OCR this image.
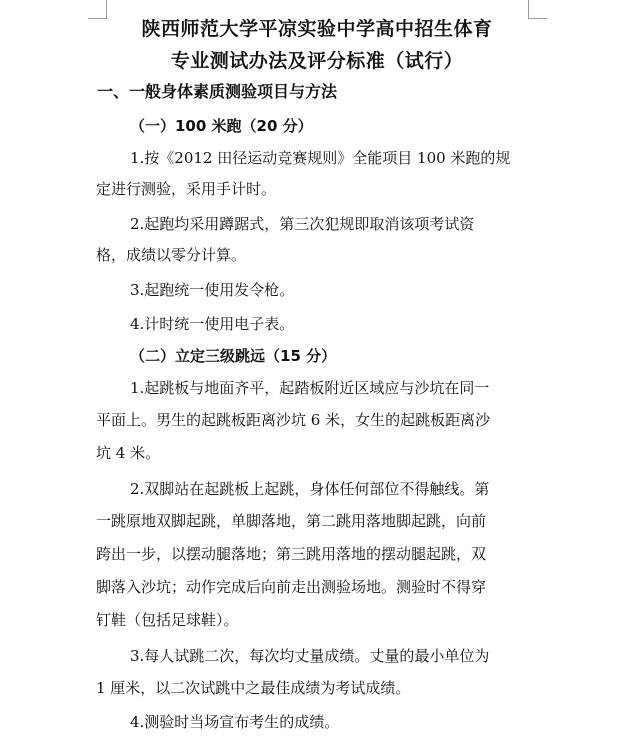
陕西师范大学平凉实验中学高中招生体育
专业测试办法及评分标准（试行）
一、一般身体素质测验项目与方法
（一）100 米跑（20 分）
1.按《2012 田径运动竞赛规则》全能项目 100 米跑的规
定进行测验，采用手计时。
2.起跑均采用蹲踞式，第三次犯规即取消该项考试资
格，成绩以零分计算。
3.起跑统一使用发令枪。
4.计时统一使用电子表。
（二）立定三级跳远（15 分）
1.起跳板与地面齐平，起踏板附近区域应与沙坑在同一
平面上。男生的起跳板距离沙坑 6 米，女生的起跳板距离沙
坑 4 米。
2.双脚站在起跳板上起跳，身体任何部位不得触线。第
一跳原地双脚起跳，单脚落地，第二跳用落地脚起跳，向前
跨出一步，以摆动腿落地；第三跳用落地的摆动腿起跳，双
脚落入沙坑；动作完成后向前走出测验场地。测验时不得穿
钉鞋（包括足球鞋）。
3.每人试跳二次，每次均丈量成绩。丈量的最小单位为
1 厘米，以二次试跳中之最佳成绩为考试成绩。
4.测验时当场宣布考生的成绩。
